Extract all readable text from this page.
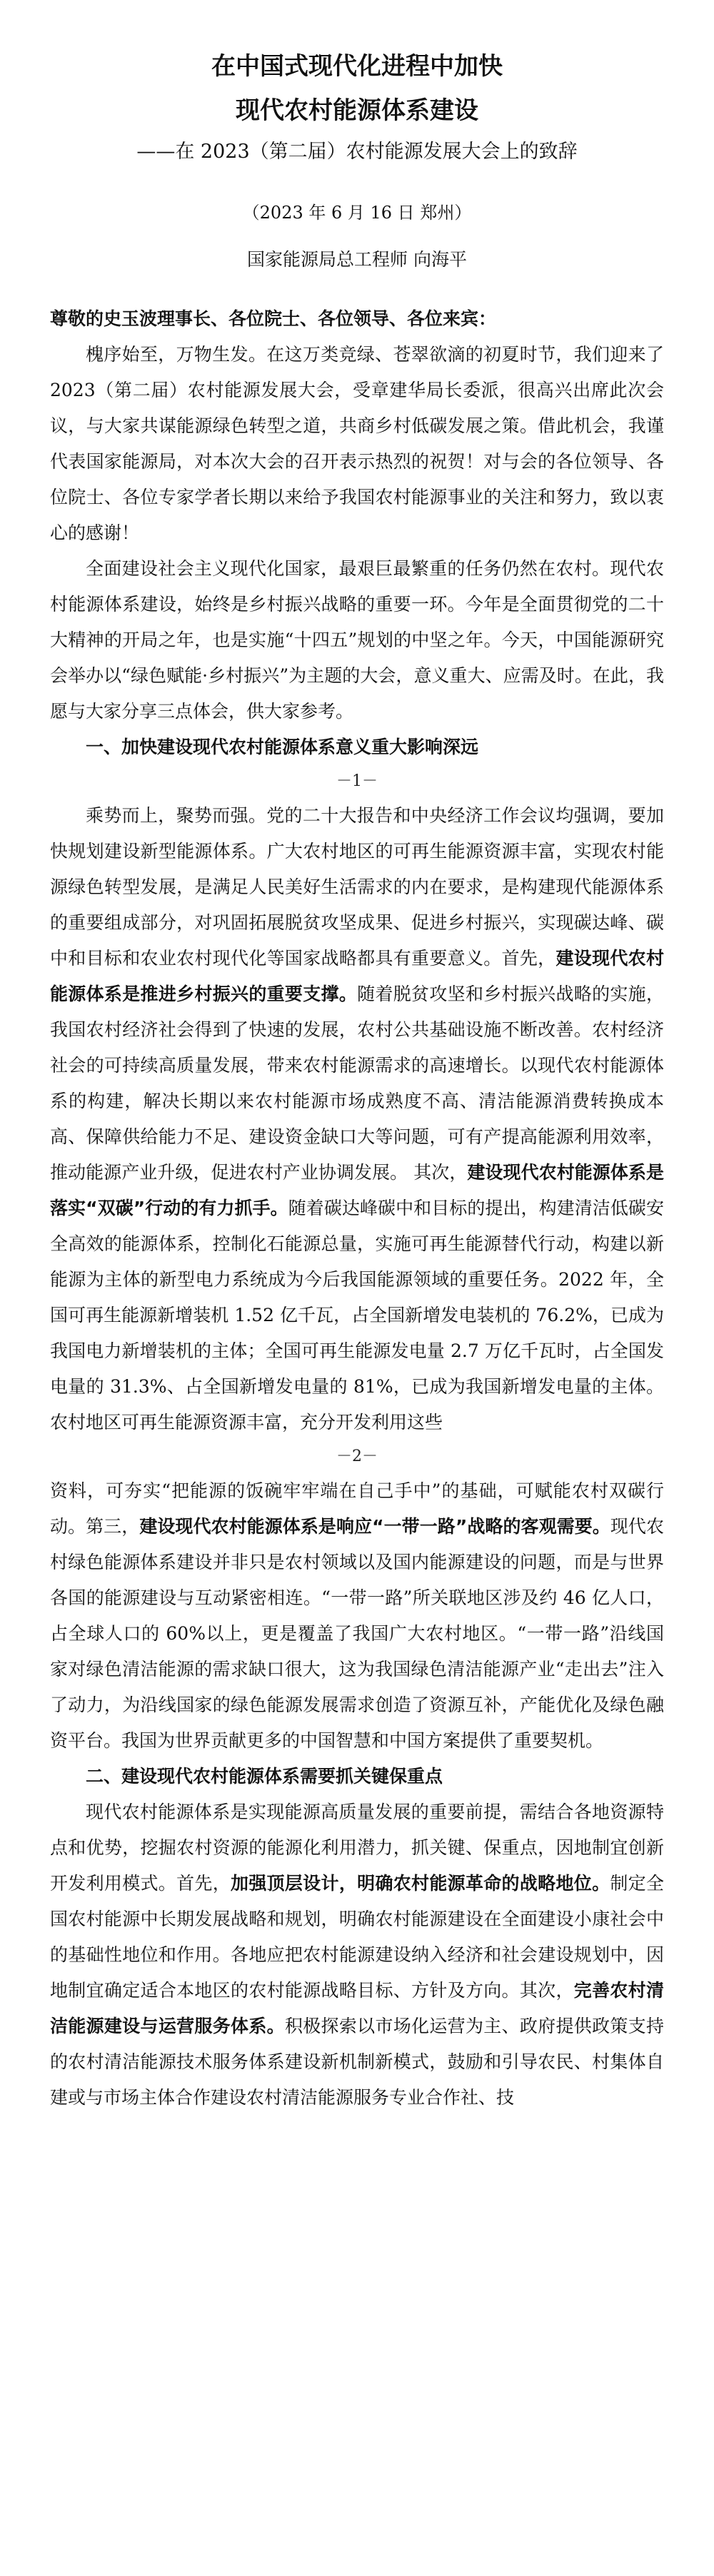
在中国式现代化进程中加快
现代农村能源体系建设
——在 2023（第二届）农村能源发展大会上的致辞
（2023 年 6 月 16 日 郑州）
国家能源局总工程师 向海平
尊敬的史玉波理事长、各位院士、各位领导、各位来宾：

槐序始至，万物生发。在这万类竞绿、苍翠欲滴的初夏时节，我们迎来了 2023（第二届）农村能源发展大会，受章建华局长委派，很高兴出席此次会议，与大家共谋能源绿色转型之道，共商乡村低碳发展之策。借此机会，我谨代表国家能源局，对本次大会的召开表示热烈的祝贺！对与会的各位领导、各位院士、各位专家学者长期以来给予我国农村能源事业的关注和努力，致以衷心的感谢！

全面建设社会主义现代化国家，最艰巨最繁重的任务仍然在农村。现代农村能源体系建设，始终是乡村振兴战略的重要一环。今年是全面贯彻党的二十大精神的开局之年，也是实施“十四五”规划的中坚之年。今天，中国能源研究会举办以“绿色赋能·乡村振兴”为主题的大会，意义重大、应需及时。在此，我愿与大家分享三点体会，供大家参考。

一、加快建设现代农村能源体系意义重大影响深远
－1－

乘势而上，聚势而强。党的二十大报告和中央经济工作会议均强调，要加快规划建设新型能源体系。广大农村地区的可再生能源资源丰富，实现农村能源绿色转型发展，是满足人民美好生活需求的内在要求，是构建现代能源体系的重要组成部分，对巩固拓展脱贫攻坚成果、促进乡村振兴，实现碳达峰、碳中和目标和农业农村现代化等国家战略都具有重要意义。首先，建设现代农村能源体系是推进乡村振兴的重要支撑。随着脱贫攻坚和乡村振兴战略的实施，我国农村经济社会得到了快速的发展，农村公共基础设施不断改善。农村经济社会的可持续高质量发展，带来农村能源需求的高速增长。以现代农村能源体系的构建，解决长期以来农村能源市场成熟度不高、清洁能源消费转换成本高、保障供给能力不足、建设资金缺口大等问题，可有产提高能源利用效率，推动能源产业升级，促进农村产业协调发展。 其次，建设现代农村能源体系是落实“双碳”行动的有力抓手。随着碳达峰碳中和目标的提出，构建清洁低碳安全高效的能源体系，控制化石能源总量，实施可再生能源替代行动，构建以新能源为主体的新型电力系统成为今后我国能源领域的重要任务。2022 年，全国可再生能源新增装机 1.52 亿千瓦，占全国新增发电装机的 76.2%，已成为我国电力新增装机的主体；全国可再生能源发电量 2.7 万亿千瓦时，占全国发电量的 31.3%、占全国新增发电量的 81%，已成为我国新增发电量的主体。农村地区可再生能源资源丰富，充分开发利用这些

－2－

资料，可夯实“把能源的饭碗牢牢端在自己手中”的基础，可赋能农村双碳行动。第三，建设现代农村能源体系是响应“一带一路”战略的客观需要。现代农村绿色能源体系建设并非只是农村领域以及国内能源建设的问题，而是与世界各国的能源建设与互动紧密相连。“一带一路”所关联地区涉及约 46 亿人口，占全球人口的 60%以上，更是覆盖了我国广大农村地区。“一带一路”沿线国家对绿色清洁能源的需求缺口很大，这为我国绿色清洁能源产业“走出去”注入了动力，为沿线国家的绿色能源发展需求创造了资源互补，产能优化及绿色融资平台。我国为世界贡献更多的中国智慧和中国方案提供了重要契机。

二、建设现代农村能源体系需要抓关键保重点

现代农村能源体系是实现能源高质量发展的重要前提，需结合各地资源特点和优势，挖掘农村资源的能源化利用潜力，抓关键、保重点，因地制宜创新开发利用模式。首先，加强顶层设计，明确农村能源革命的战略地位。制定全国农村能源中长期发展战略和规划，明确农村能源建设在全面建设小康社会中的基础性地位和作用。各地应把农村能源建设纳入经济和社会建设规划中，因地制宜确定适合本地区的农村能源战略目标、方针及方向。其次，完善农村清洁能源建设与运营服务体系。积极探索以市场化运营为主、政府提供政策支持的农村清洁能源技术服务体系建设新机制新模式，鼓励和引导农民、村集体自建或与市场主体合作建设农村清洁能源服务专业合作社、技
